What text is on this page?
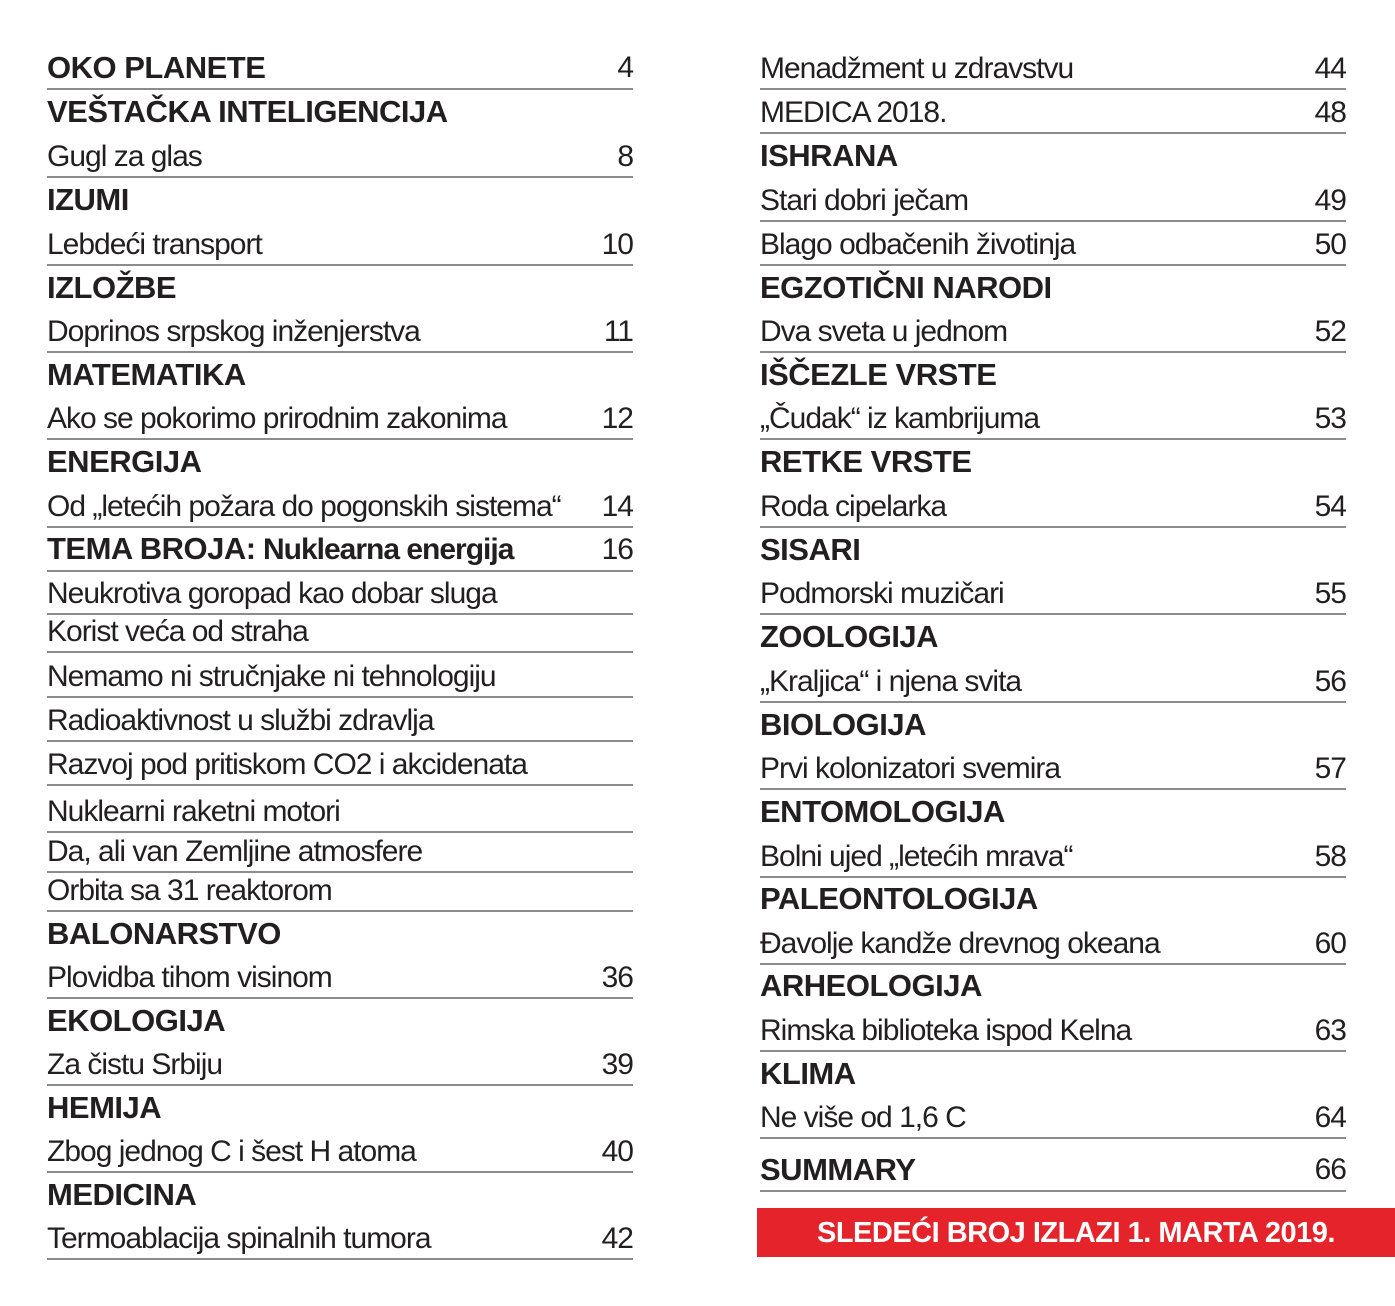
OKO PLANETE	4
VEŠTAČKA INTELIGENCIJA
Gugl za glas	8
IZUMI
Lebdeći transport	10
IZLOŽBE
Doprinos srpskog inženjerstva	11
MATEMATIKA
Ako se pokorimo prirodnim zakonima	12
ENERGIJA
Od „letećih požara do pogonskih sistema“ 14
TEMA BROJA: Nuklearna energija	16
Neukrotiva goropad kao dobar sluga
Korist veća od straha
Nemamo ni stručnjake ni tehnologiju
Radioaktivnost u službi zdravlja
Razvoj pod pritiskom CO2 i akcidenata
Nuklearni raketni motori
Da, ali van Zemljine atmosfere
Orbita sa 31 reaktorom
BALONARSTVO
Plovidba tihom visinom	36
EKOLOGIJA
Za čistu Srbiju	39
HEMIJA
Zbog jednog C i šest H atoma	40
MEDICINA
Termoablacija spinalnih tumora	42
Menadžment u zdravstvu	44
MEDICA 2018.	48
ISHRANA
Stari dobri ječam	49
Blago odbačenih životinja	50
EGZOTIČNI NARODI
Dva sveta u jednom	52
IŠČEZLE VRSTE
„Čudak“ iz kambrijuma	53
RETKE VRSTE
Roda cipelarka	54
SISARI
Podmorski muzičari	55
ZOOLOGIJA
„Kraljica“ i njena svita	56
BIOLOGIJA
Prvi kolonizatori svemira	57
ENTOMOLOGIJA
Bolni ujed „letećih mrava“	58
PALEONTOLOGIJA
Đavolje kandže drevnog okeana	60
ARHEOLOGIJA
Rimska biblioteka ispod Kelna	63
KLIMA
Ne više od 1,6 C	64
SUMMARY	66
SLEDEĆI BROJ IZLAZI 1. MARTA 2019.
